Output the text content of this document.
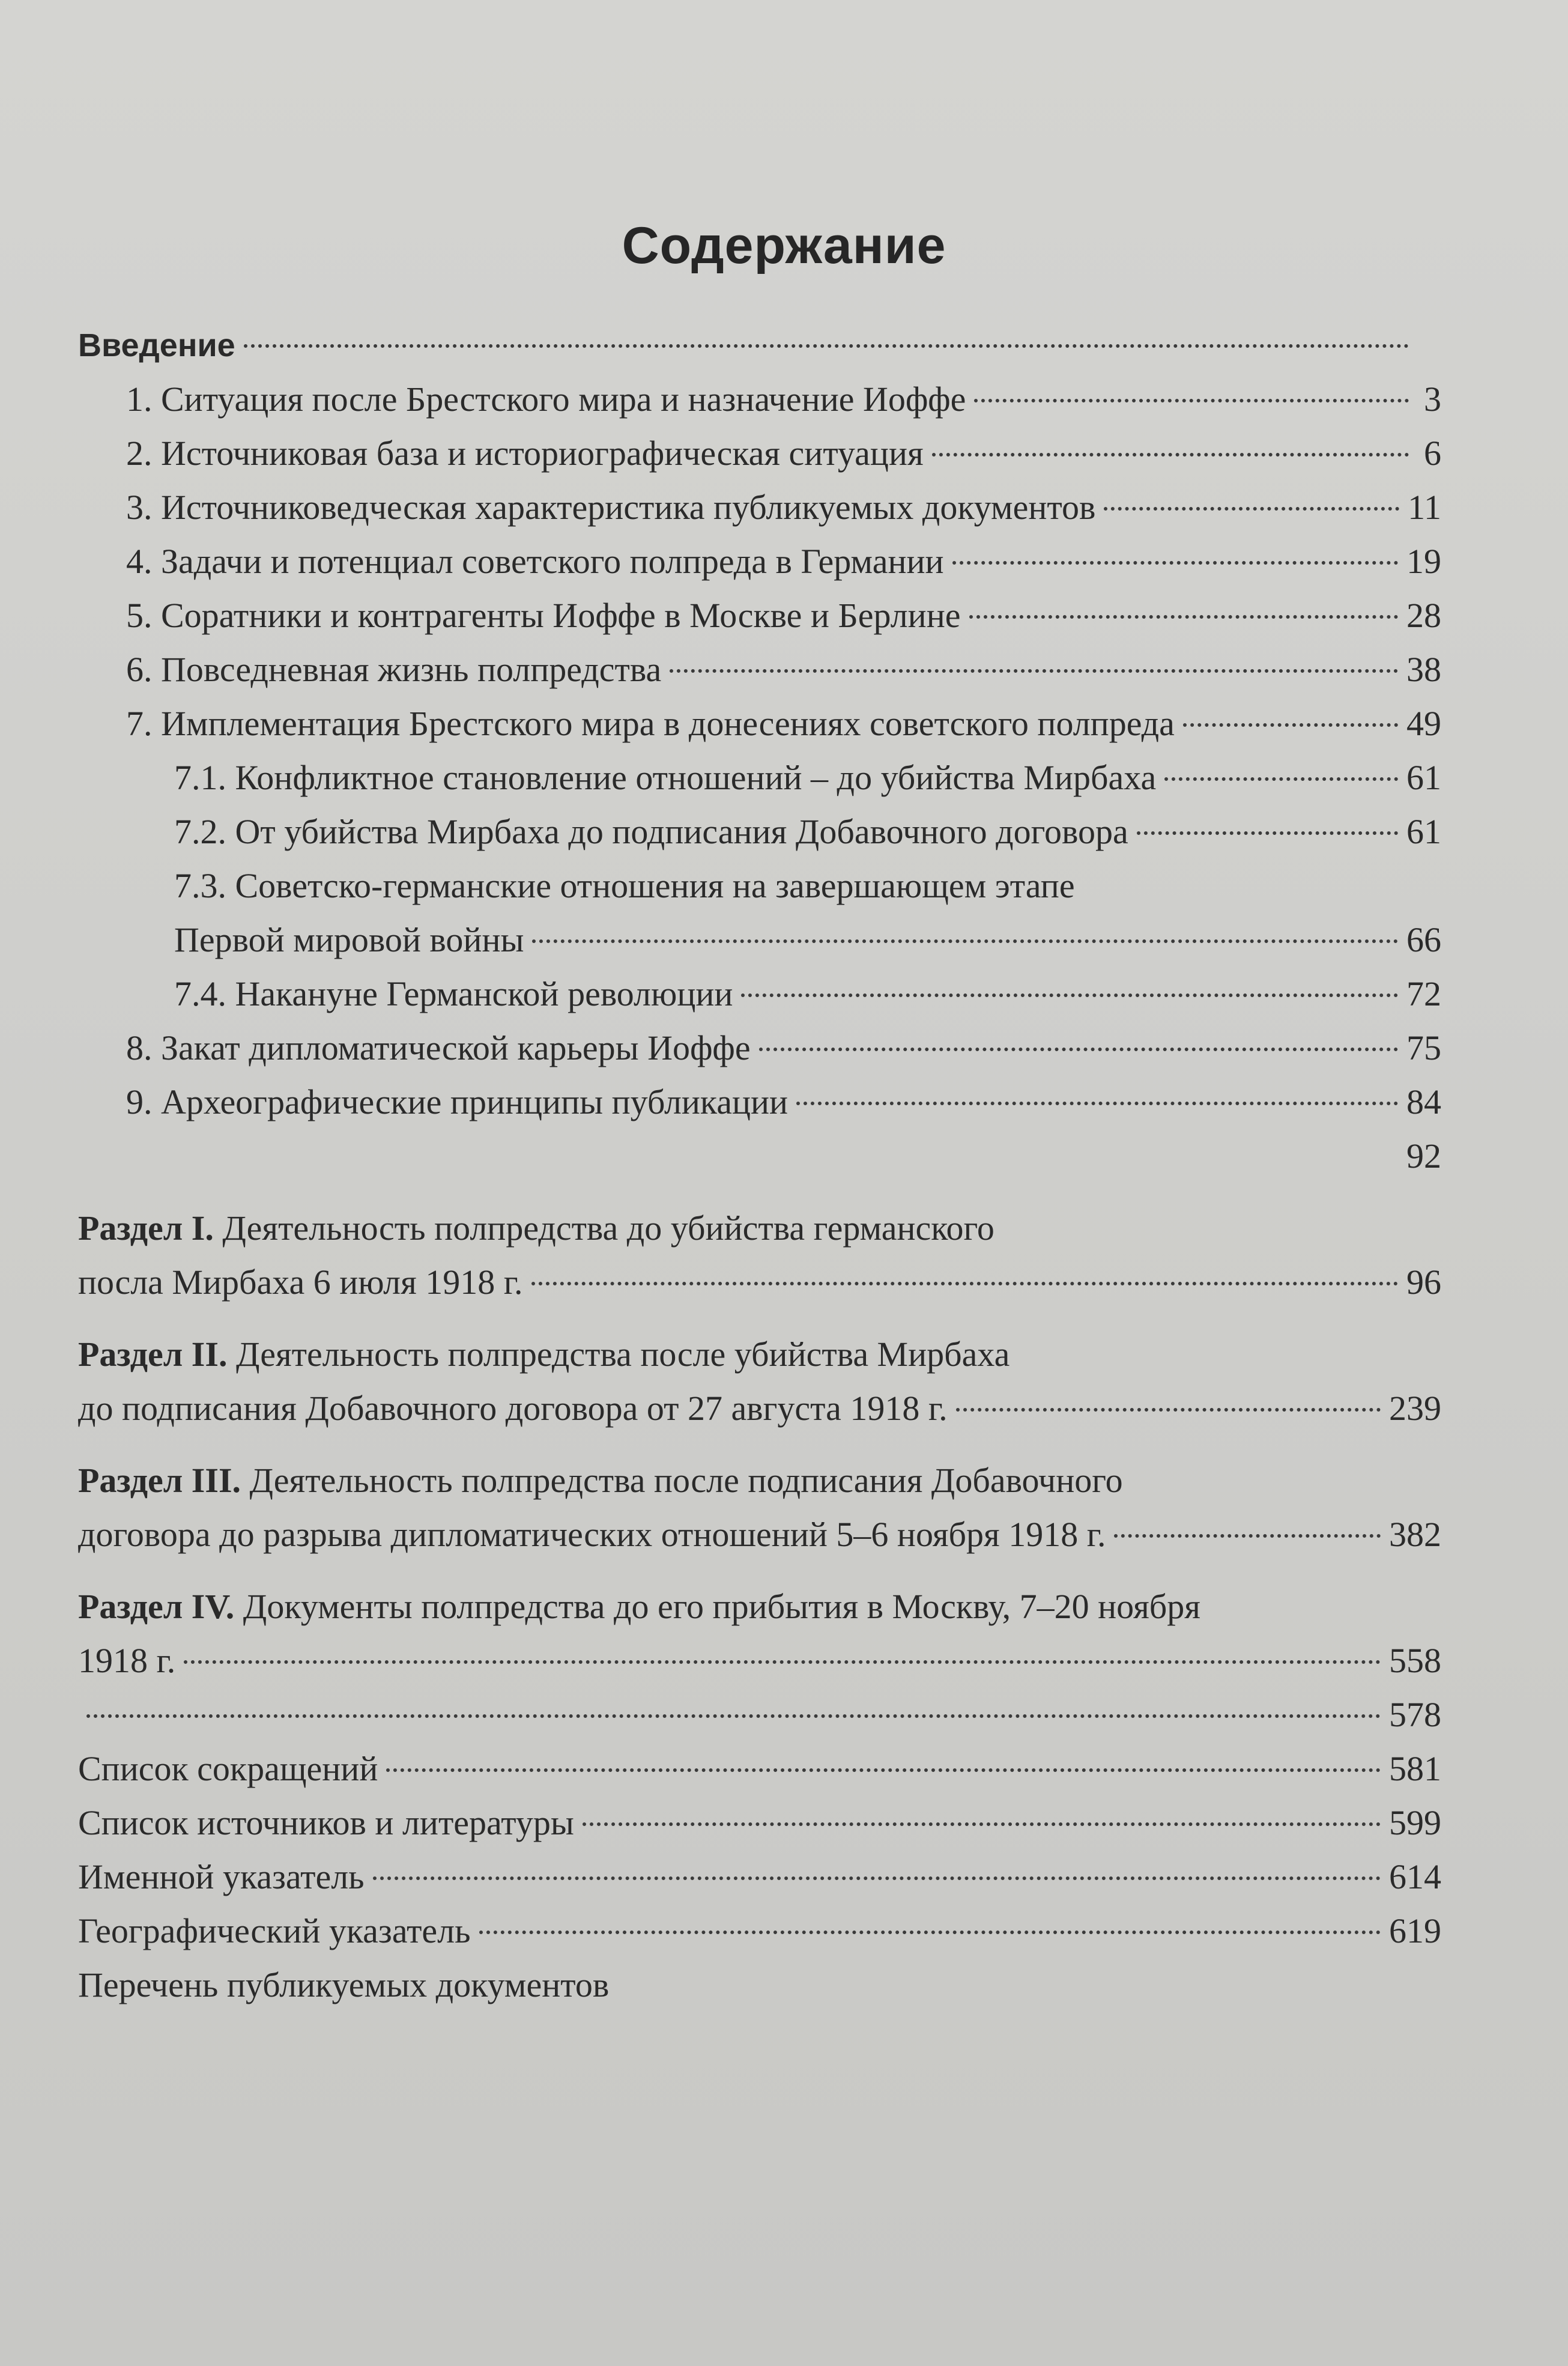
Содержание
Введение
1. Ситуация после Брестского мира и назначение Иоффе	3
2. Источниковая база и историографическая ситуация	6
3. Источниковедческая характеристика публикуемых документов	11
4. Задачи и потенциал советского полпреда в Германии	19
5. Соратники и контрагенты Иоффе в Москве и Берлине	28
6. Повседневная жизнь полпредства	38
7. Имплементация Брестского мира в донесениях советского полпреда	49
7.1. Конфликтное становление отношений – до убийства Мирбаха	61
7.2. От убийства Мирбаха до подписания Добавочного договора	61
7.3. Советско-германские отношения на завершающем этапе
Первой мировой войны	66
7.4. Накануне Германской революции	72
8. Закат дипломатической карьеры Иоффе	75
9. Археографические принципы публикации	84
92
Раздел I. Деятельность полпредства до убийства германского
посла Мирбаха 6 июля 1918 г.	96
Раздел II. Деятельность полпредства после убийства Мирбаха
до подписания Добавочного договора от 27 августа 1918 г.	239
Раздел III. Деятельность полпредства после подписания Добавочного
договора до разрыва дипломатических отношений 5–6 ноября 1918 г.	382
Раздел IV. Документы полпредства до его прибытия в Москву, 7–20 ноября
1918 г.	558
578
Список сокращений	581
Список источников и литературы	599
Именной указатель	614
Географический указатель	619
Перечень публикуемых документов
